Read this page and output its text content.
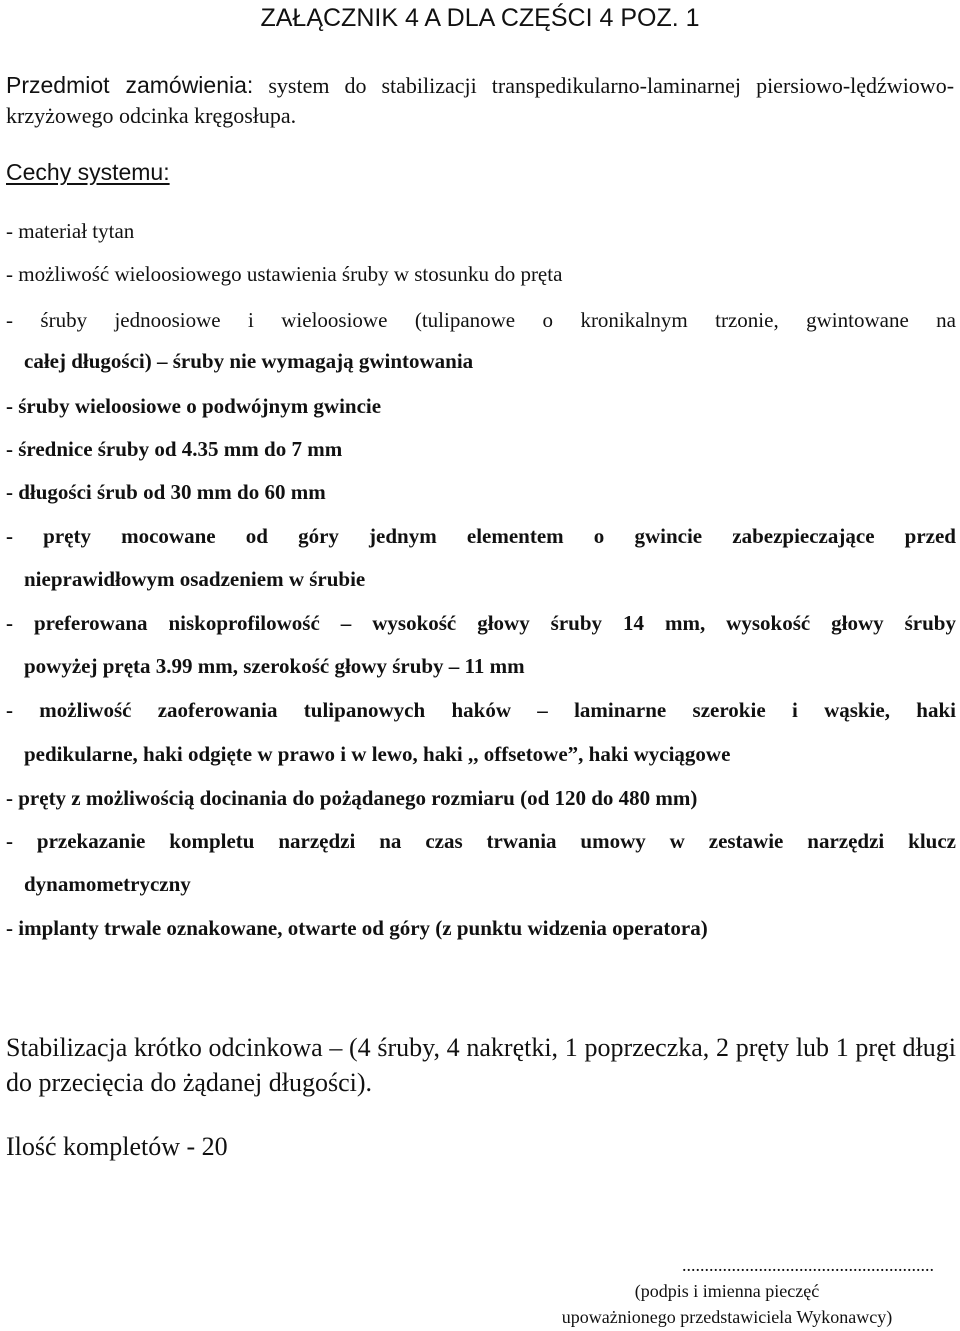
ZAŁĄCZNIK 4 A DLA CZĘŚCI 4 POZ. 1
Przedmiot zamówienia: system do stabilizacji transpedikularno-laminarnej piersiowo-lędźwiowo-krzyżowego odcinka kręgosłupa.
Cechy systemu:
- materiał tytan
- możliwość wieloosiowego ustawienia śruby w stosunku do pręta
- śruby jednoosiowe i wieloosiowe (tulipanowe o kronikalnym trzonie, gwintowane na
całej długości) – śruby nie wymagają gwintowania
- śruby wieloosiowe o podwójnym gwincie
- średnice śruby od 4.35 mm do 7 mm
- długości śrub od 30 mm do 60 mm
- pręty mocowane od góry jednym elementem o gwincie zabezpieczające przed
nieprawidłowym osadzeniem w śrubie
- preferowana niskoprofilowość – wysokość głowy śruby 14 mm, wysokość głowy śruby
powyżej pręta 3.99 mm, szerokość głowy śruby – 11 mm
- możliwość zaoferowania tulipanowych haków – laminarne szerokie i wąskie, haki
pedikularne, haki odgięte w prawo i w lewo, haki ,, offsetowe”, haki wyciągowe
- pręty z możliwością docinania do pożądanego rozmiaru (od 120 do 480 mm)
- przekazanie kompletu narzędzi na czas trwania umowy w zestawie narzędzi klucz
dynamometryczny
- implanty trwale oznakowane, otwarte od góry (z punktu widzenia operatora)
Stabilizacja krótko odcinkowa – (4 śruby, 4 nakrętki, 1 poprzeczka, 2 pręty lub 1 pręt długi do przecięcia do żądanej długości).
Ilość kompletów - 20
........................................................
(podpis i imienna pieczęć
upoważnionego przedstawiciela Wykonawcy)
